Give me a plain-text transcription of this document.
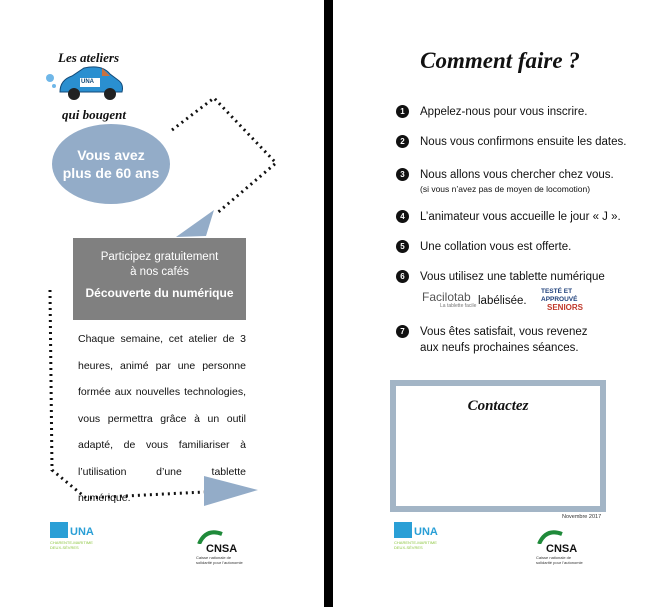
Les ateliers
qui bougent
UNA
Vous avez plus de 60 ans
Participez gratuitement
à nos cafés
Découverte du numérique
Chaque semaine, cet atelier de 3 heures, animé par une personne formée aux nouvelles technologies, vous permettra grâce à un outil adapté, de vous familiariser à l’utilisation d’une tablette numérique.
UNA
CHARENTE-MARITIME
DEUX-SÈVRES	CNSA
Caisse nationale de
solidarité pour l’autonomie
Comment faire ?
1	Appelez-nous pour vous inscrire.
2	Nous vous confirmons ensuite les dates.
3	Nous allons vous chercher chez vous.
(si vous n’avez pas de moyen de locomotion)
4	L’animateur vous accueille le jour « J ».
5	Une collation vous est offerte.
6	Vous utilisez une tablette numérique
Facilotab
La tablette facile labélisée.
TESTÉ ET
APPROUVÉ
SENIORS
7	Vous êtes satisfait, vous revenez aux neufs prochaines séances.
Contactez
Novembre 2017
UNA
CHARENTE-MARITIME
DEUX-SÈVRES	CNSA
Caisse nationale de
solidarité pour l’autonomie
